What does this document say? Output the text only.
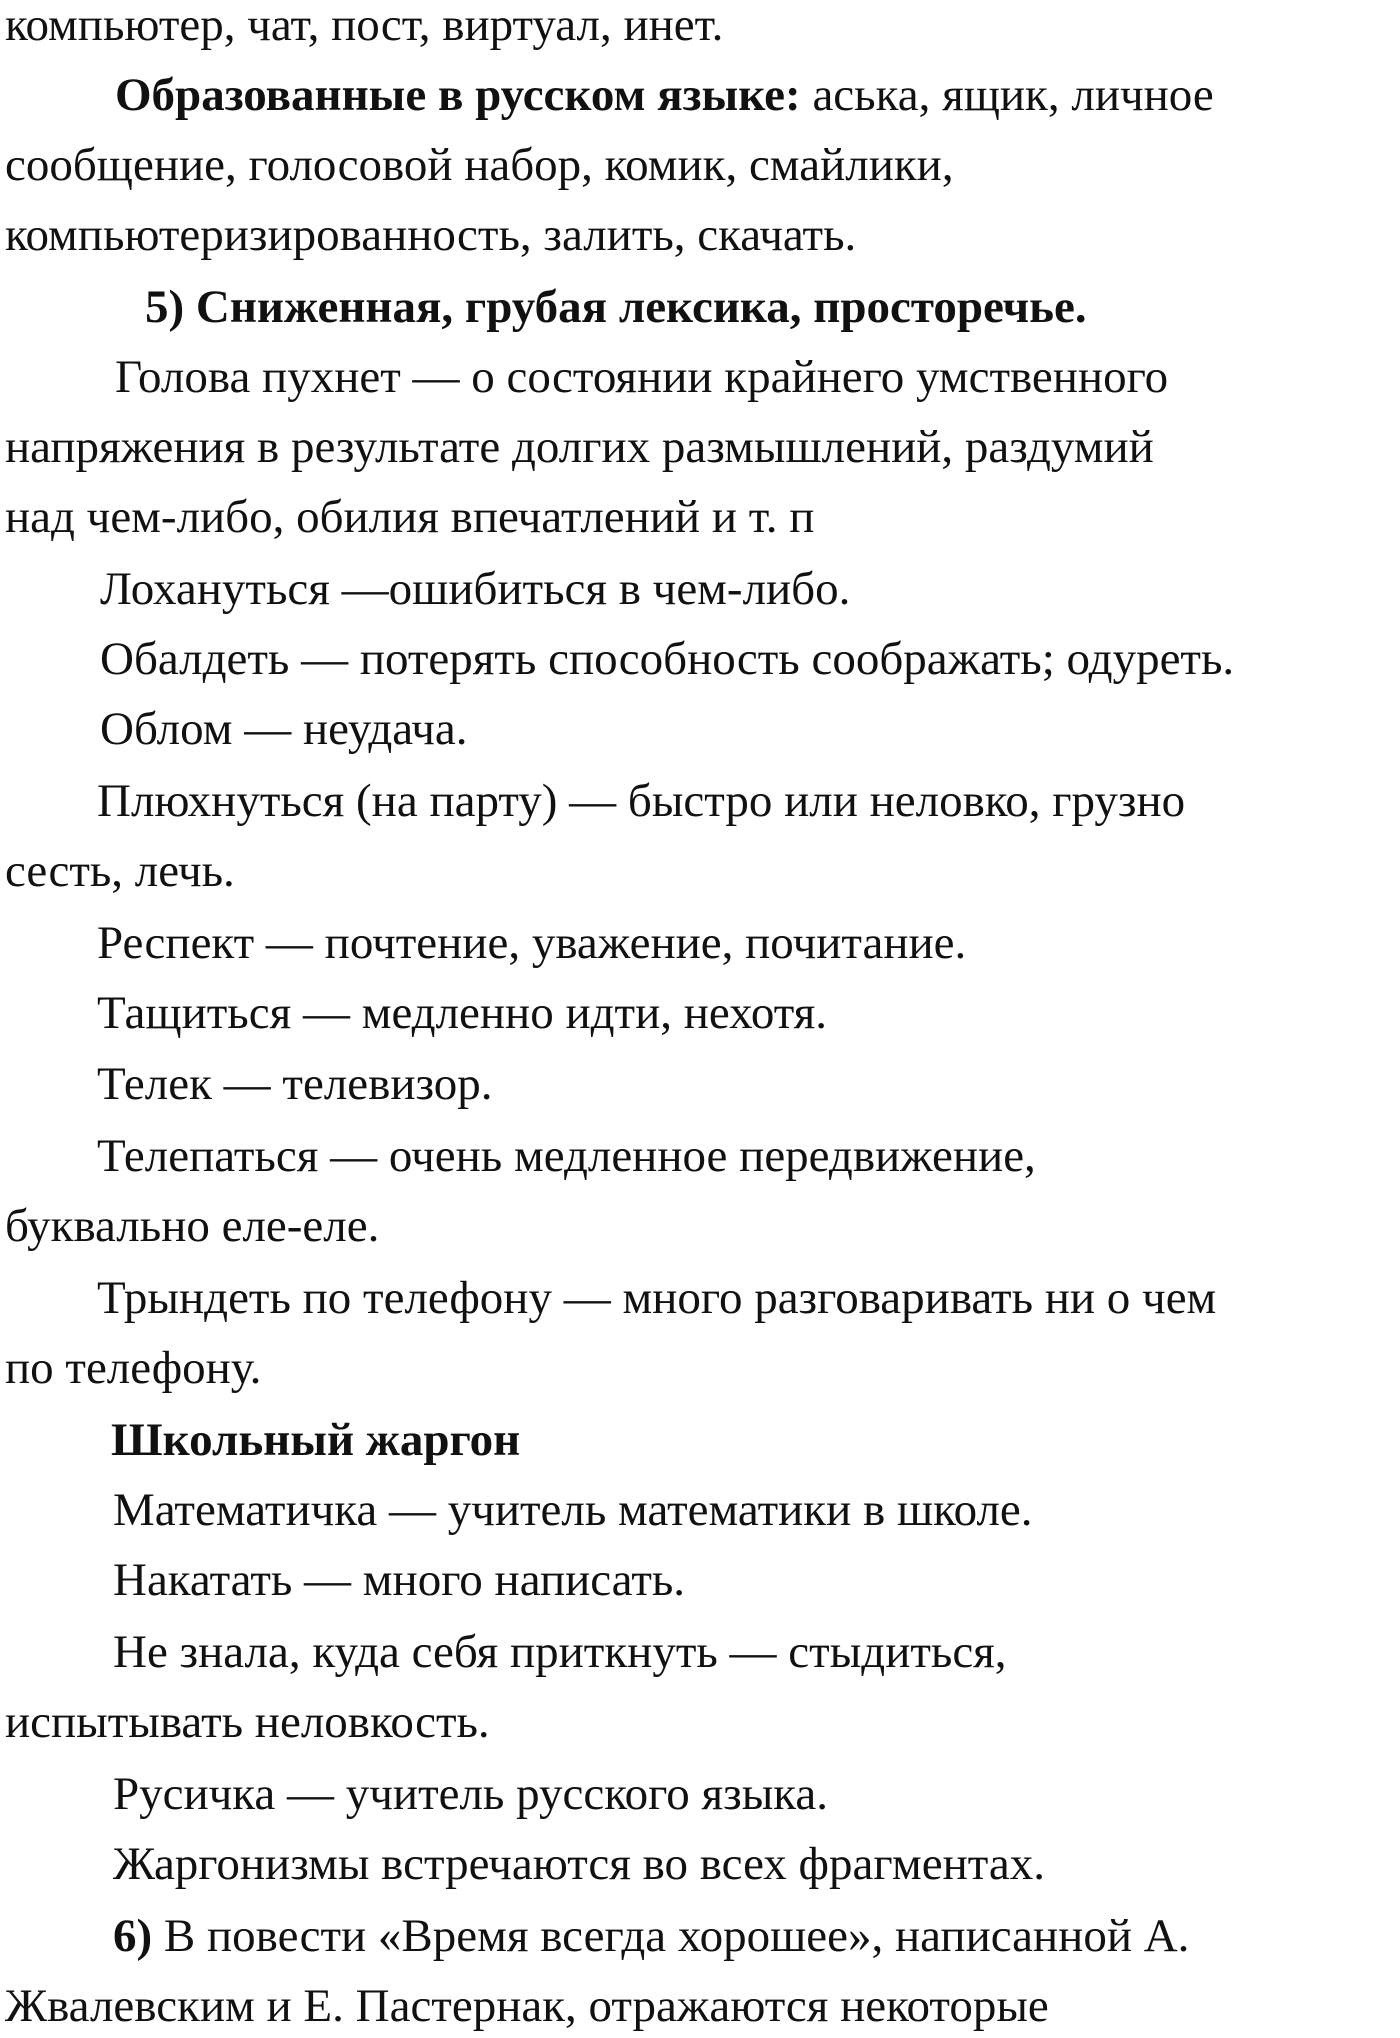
компьютер, чат, пост, виртуал, инет.
Образованные в русском языке: аська, ящик, личное
сообщение, голосовой набор, комик, смайлики,
компьютеризированность, залить, скачать.
5) Сниженная, грубая лексика, просторечье.
Голова пухнет — о состоянии крайнего умственного
напряжения в результате долгих размышлений, раздумий
над чем-либо, обилия впечатлений и т. п
Лохануться —ошибиться в чем-либо.
Обалдеть — потерять способность соображать; одуреть.
Облом — неудача.
Плюхнуться (на парту) — быстро или неловко, грузно
сесть, лечь.
Респект — почтение, уважение, почитание.
Тащиться — медленно идти, нехотя.
Телек — телевизор.
Телепаться — очень медленное передвижение,
буквально еле-еле.
Трындеть по телефону — много разговаривать ни о чем
по телефону.
Школьный жаргон
Математичка — учитель математики в школе.
Накатать — много написать.
Не знала, куда себя приткнуть — стыдиться,
испытывать неловкость.
Русичка — учитель русского языка.
Жаргонизмы встречаются во всех фрагментах.
6) В повести «Время всегда хорошее», написанной А.
Жвалевским и Е. Пастернак, отражаются некоторые
